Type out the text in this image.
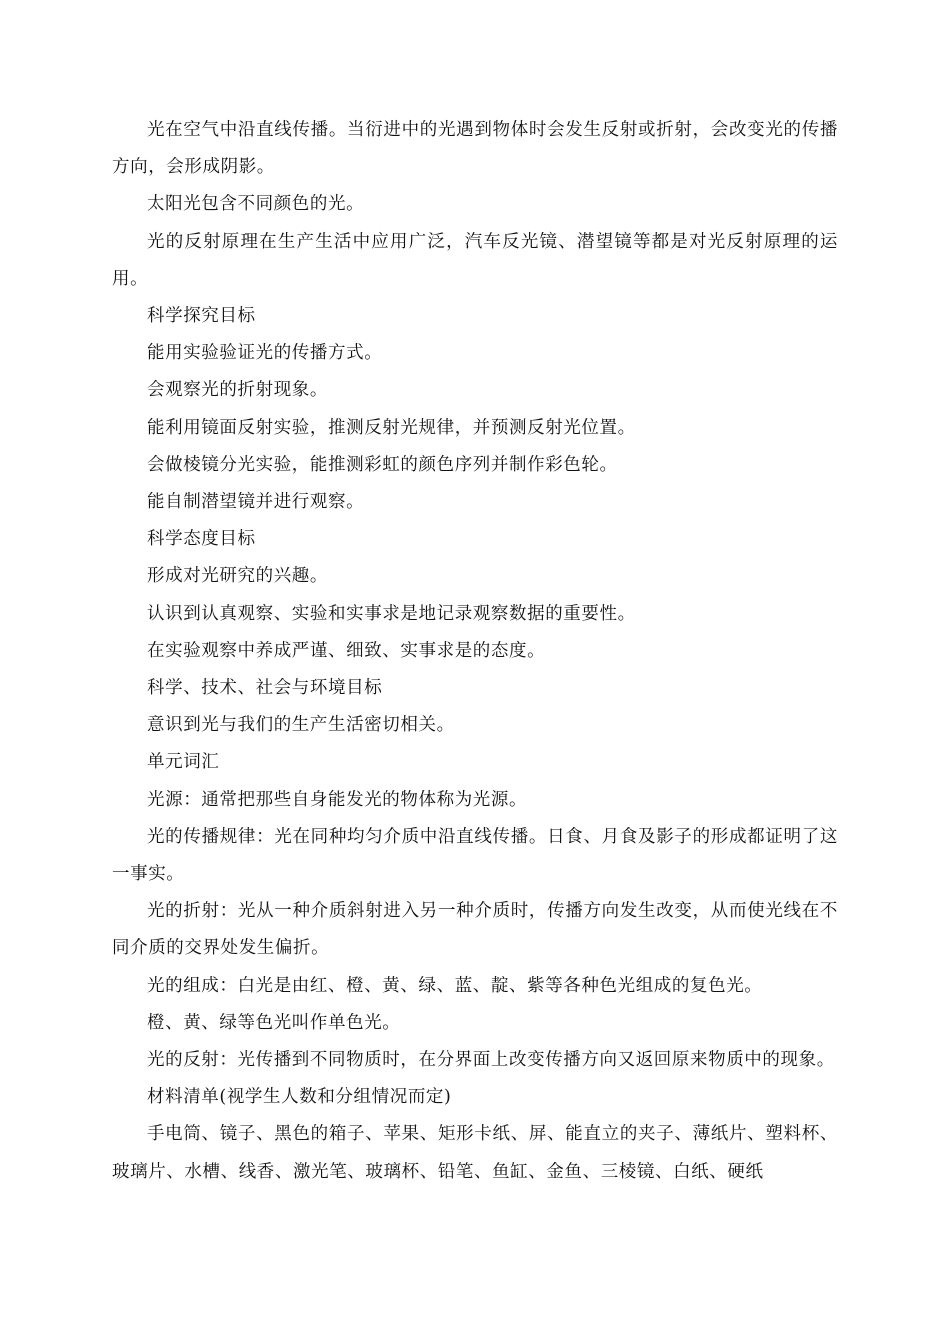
光在空气中沿直线传播。当衍进中的光遇到物体时会发生反射或折射，会改变光的传播方向，会形成阴影。

太阳光包含不同颜色的光。

光的反射原理在生产生活中应用广泛，汽车反光镜、潜望镜等都是对光反射原理的运用。

科学探究目标

能用实验验证光的传播方式。

会观察光的折射现象。

能利用镜面反射实验，推测反射光规律，并预测反射光位置。

会做棱镜分光实验，能推测彩虹的颜色序列并制作彩色轮。

能自制潜望镜并进行观察。

科学态度目标

形成对光研究的兴趣。

认识到认真观察、实验和实事求是地记录观察数据的重要性。

在实验观察中养成严谨、细致、实事求是的态度。

科学、技术、社会与环境目标

意识到光与我们的生产生活密切相关。

单元词汇

光源：通常把那些自身能发光的物体称为光源。

光的传播规律：光在同种均匀介质中沿直线传播。日食、月食及影子的形成都证明了这一事实。

光的折射：光从一种介质斜射进入另一种介质时，传播方向发生改变，从而使光线在不同介质的交界处发生偏折。

光的组成：白光是由红、橙、黄、绿、蓝、靛、紫等各种色光组成的复色光。

橙、黄、绿等色光叫作单色光。

光的反射：光传播到不同物质时，在分界面上改变传播方向又返回原来物质中的现象。

材料清单(视学生人数和分组情况而定)

手电筒、镜子、黑色的箱子、苹果、矩形卡纸、屏、能直立的夹子、薄纸片、塑料杯、玻璃片、水槽、线香、激光笔、玻璃杯、铅笔、鱼缸、金鱼、三棱镜、白纸、硬纸
